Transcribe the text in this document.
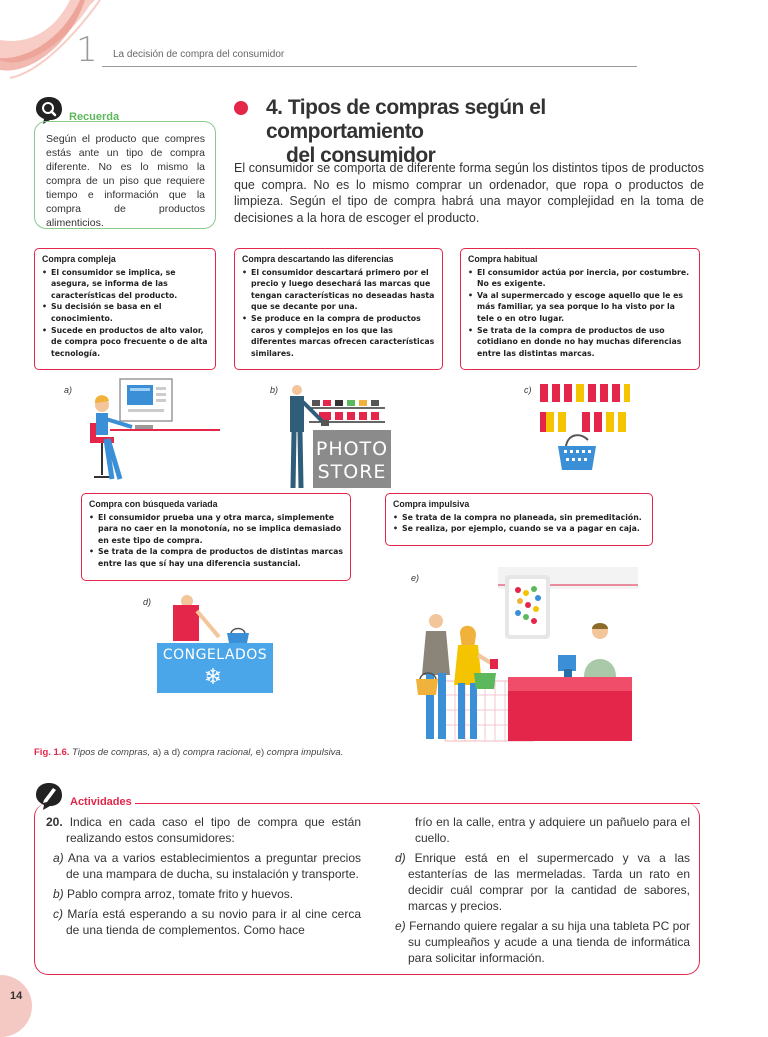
1 La decisión de compra del consumidor
Recuerda
Según el producto que compres estás ante un tipo de compra diferente. No es lo mismo la compra de un piso que requiere tiempo e información que la compra de productos alimenticios.
4. Tipos de compras según el comportamiento
del consumidor
El consumidor se comporta de diferente forma según los distintos tipos de productos que compra. No es lo mismo comprar un ordenador, que ropa o productos de limpieza. Según el tipo de compra habrá una mayor complejidad en la toma de decisiones a la hora de escoger el producto.
Compra compleja
• El consumidor se implica, se asegura, se informa de las características del producto.
• Su decisión se basa en el conocimiento.
• Sucede en productos de alto valor, de compra poco frecuente o de alta tecnología.
Compra descartando las diferencias
• El consumidor descartará primero por el precio y luego desechará las marcas que tengan características no deseadas hasta que se decante por una.
• Se produce en la compra de productos caros y complejos en los que las diferentes marcas ofrecen características similares.
Compra habitual
• El consumidor actúa por inercia, por costumbre. No es exigente.
• Va al supermercado y escoge aquello que le es más familiar, ya sea porque lo ha visto por la tele o en otro lugar.
• Se trata de la compra de productos de uso cotidiano en donde no hay muchas diferencias entre las distintas marcas.
a)	b)
PHOTO
STORE
c)
Compra con búsqueda variada
• El consumidor prueba una y otra marca, simplemente para no caer en la monotonía, no se implica demasiado en este tipo de compra.
• Se trata de la compra de productos de distintas marcas entre las que sí hay una diferencia sustancial.
Compra impulsiva
• Se trata de la compra no planeada, sin premeditación.
• Se realiza, por ejemplo, cuando se va a pagar en caja.
d)
CONGELADOS
❄
e)
Fig. 1.6. Tipos de compras, a) a d) compra racional, e) compra impulsiva.
Actividades
20. Indica en cada caso el tipo de compra que están realizando estos consumidores:
a) Ana va a varios establecimientos a preguntar precios de una mampara de ducha, su instalación y transporte.
b) Pablo compra arroz, tomate frito y huevos.
c) María está esperando a su novio para ir al cine cerca de una tienda de complementos. Como hace
frío en la calle, entra y adquiere un pañuelo para el cuello.
d) Enrique está en el supermercado y va a las estanterías de las mermeladas. Tarda un rato en decidir cuál comprar por la cantidad de sabores, marcas y precios.
e) Fernando quiere regalar a su hija una tableta PC por su cumpleaños y acude a una tienda de informática para solicitar información.
14
